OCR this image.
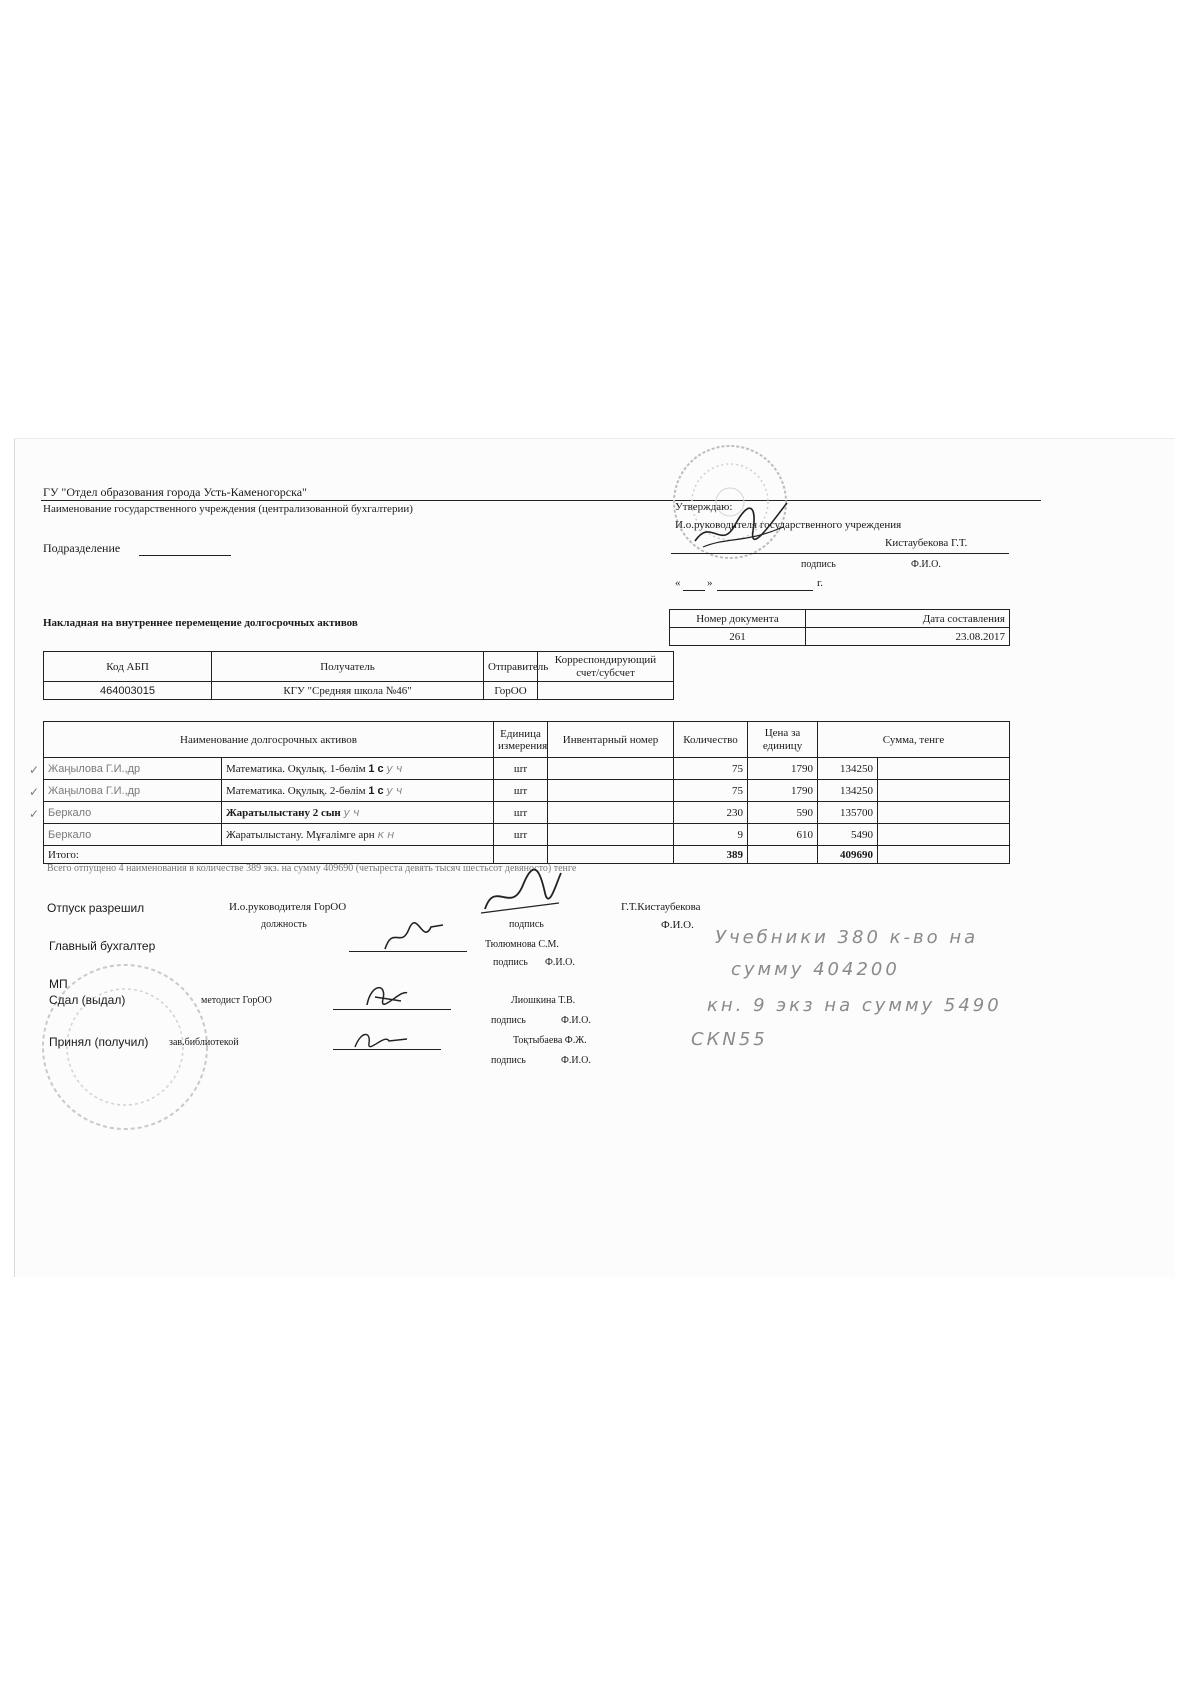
ГУ "Отдел образования города Усть-Каменогорска"
Наименование государственного учреждения (централизованной бухгалтерии)
Подразделение
Утверждаю:
И.о.руководителя государственного учреждения
Кистаубекова Г.Т.
подпись	Ф.И.О.
« »	г.
Накладная на внутреннее перемещение долгосрочных активов	Номер документа	Дата составления
261	23.08.2017
Код АБП	Получатель	Отправитель	Корреспондирующий счет/субсчет
464003015	КГУ "Средняя школа №46"	ГорОО	
Наименование долгосрочных активов		Единица измерения	Инвентарный номер	Количество	Цена за единицу	Сумма, тенге	
Жаңылова Г.И.,др	Математика. Оқулық. 1-бөлім 1 с уч	шт		75	1790	134250	
Жаңылова Г.И.,др	Математика. Оқулық. 2-бөлім 1 с уч	шт		75	1790	134250	
Беркало	Жаратылыстану 2 сын уч	шт		230	590	135700	
Беркало	Жаратылыстану. Мұғалімге арн кн	шт		9	610	5490	
Итого:				389		409690	
✓
✓
✓
Всего отпущено 4 наименования в количестве 389 экз. на сумму 409690 (четыреста девять тысяч шестьсот девяносто) тенге
Отпуск разрешил	И.о.руководителя ГорОО
должность	подпись
Г.Т.Кистаубекова
Ф.И.О.
Главный бухгалтер	Тюлюмнова С.М.
подпись Ф.И.О.
МП
Сдал (выдал)	методист ГорОО	Лиошкина Т.В.
подпись	Ф.И.О.
Принял (получил) зав.библиотекой	Тоқтыбаева Ф.Ж.
подпись	Ф.И.О.
Учебники 380 к-во на
сумму 404200
кн. 9 экз на сумму 5490
СКN55
